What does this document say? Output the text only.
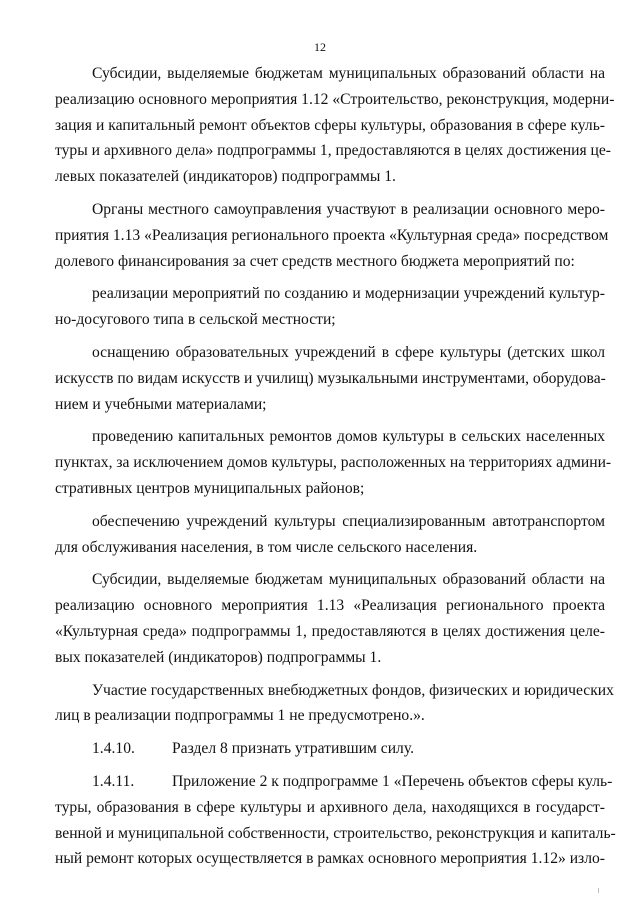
12
Субсидии, выделяемые бюджетам муниципальных образований области на
реализацию основного мероприятия 1.12 «Строительство, реконструкция, модерни-
зация и капитальный ремонт объектов сферы культуры, образования в сфере куль-
туры и архивного дела» подпрограммы 1, предоставляются в целях достижения це-
левых показателей (индикаторов) подпрограммы 1.
Органы местного самоуправления участвуют в реализации основного меро-
приятия 1.13 «Реализация регионального проекта «Культурная среда» посредством
долевого финансирования за счет средств местного бюджета мероприятий по:
реализации мероприятий по созданию и модернизации учреждений культур-
но-досугового типа в сельской местности;
оснащению образовательных учреждений в сфере культуры (детских школ
искусств по видам искусств и училищ) музыкальными инструментами, оборудова-
нием и учебными материалами;
проведению капитальных ремонтов домов культуры в сельских населенных
пунктах, за исключением домов культуры, расположенных на территориях админи-
стративных центров муниципальных районов;
обеспечению учреждений культуры специализированным автотранспортом
для обслуживания населения, в том числе сельского населения.
Субсидии, выделяемые бюджетам муниципальных образований области на
реализацию основного мероприятия 1.13 «Реализация регионального проекта
«Культурная среда» подпрограммы 1, предоставляются в целях достижения целе-
вых показателей (индикаторов) подпрограммы 1.
Участие государственных внебюджетных фондов, физических и юридических
лиц в реализации подпрограммы 1 не предусмотрено.».
1.4.10. Раздел 8 признать утратившим силу.
1.4.11. Приложение 2 к подпрограмме 1 «Перечень объектов сферы куль-
туры, образования в сфере культуры и архивного дела, находящихся в государст-
венной и муниципальной собственности, строительство, реконструкция и капиталь-
ный ремонт которых осуществляется в рамках основного мероприятия 1.12» изло-
